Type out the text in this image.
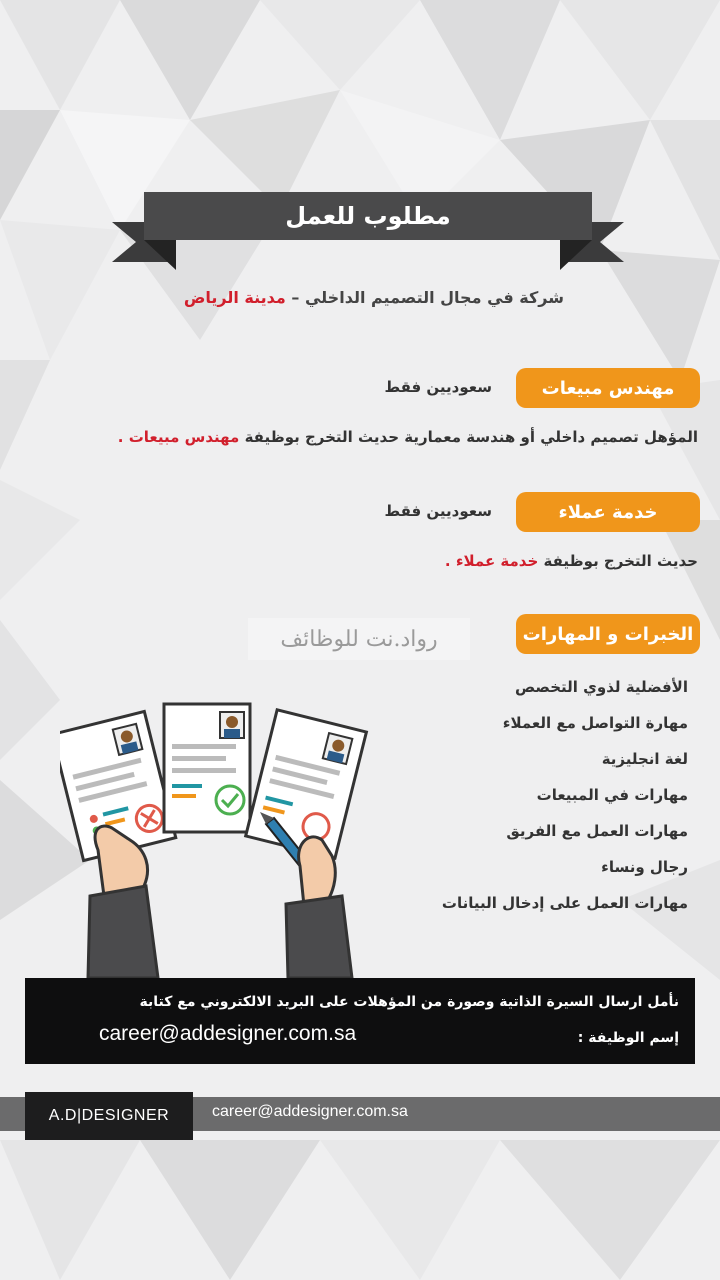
مطلوب للعمل
شركة في مجال التصميم الداخلي – مدينة الرياض
مهندس مبيعات
سعوديين فقط
المؤهل تصميم داخلي أو هندسة معمارية حديث التخرج بوظيفة مهندس مبيعات .
خدمة عملاء
سعوديين فقط
حديث التخرج بوظيفة خدمة عملاء .
الخبرات و المهارات
رواد.نت للوظائف
الأفضلية لذوي التخصص
مهارة التواصل مع العملاء
لغة انجليزية
مهارات في المبيعات
مهارات العمل مع الفريق
رجال ونساء
مهارات العمل على إدخال البيانات
نأمل ارسال السيرة الذاتية وصورة من المؤهلات على البريد الالكتروني مع كتابة
إسم الوظيفة :
career@addesigner.com.sa
A.D|DESIGNER	career@addesigner.com.sa
